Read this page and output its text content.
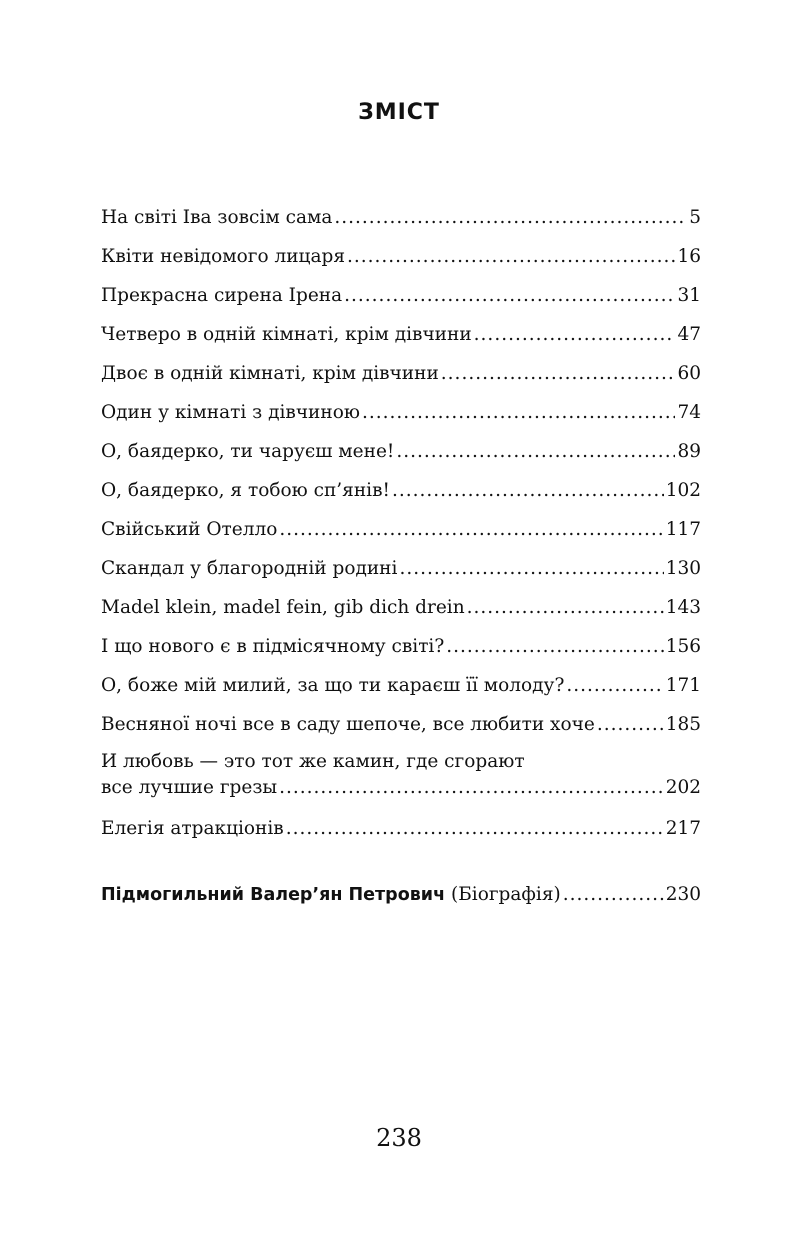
ЗМІСТ
На світі Іва зовсім сама .....	5
Квіти невідомого лицаря .....	16
Прекрасна сирена Ірена .....	31
Четверо в одній кімнаті, крім дівчини .....	47
Двоє в одній кімнаті, крім дівчини .....	60
Один у кімнаті з дівчиною .....	74
О, баядерко, ти чаруєш мене! .....	89
О, баядерко, я тобою сп’янів! .....	102
Свійський Отелло .....	117
Скандал у благородній родині .....	130
Madel klein, madel fein, gib dich drein .....	143
І що нового є в підмісячному світі? .....	156
О, боже мій милий, за що ти караєш її молоду? .....	171
Весняної ночі все в саду шепоче, все любити хоче .....	185
И любовь — это тот же камин, где сгорают
все лучшие грезы .....	202
Елегія атракціонів .....	217
Підмогильний Валер’ян Петрович (Біографія) .....	230
238
